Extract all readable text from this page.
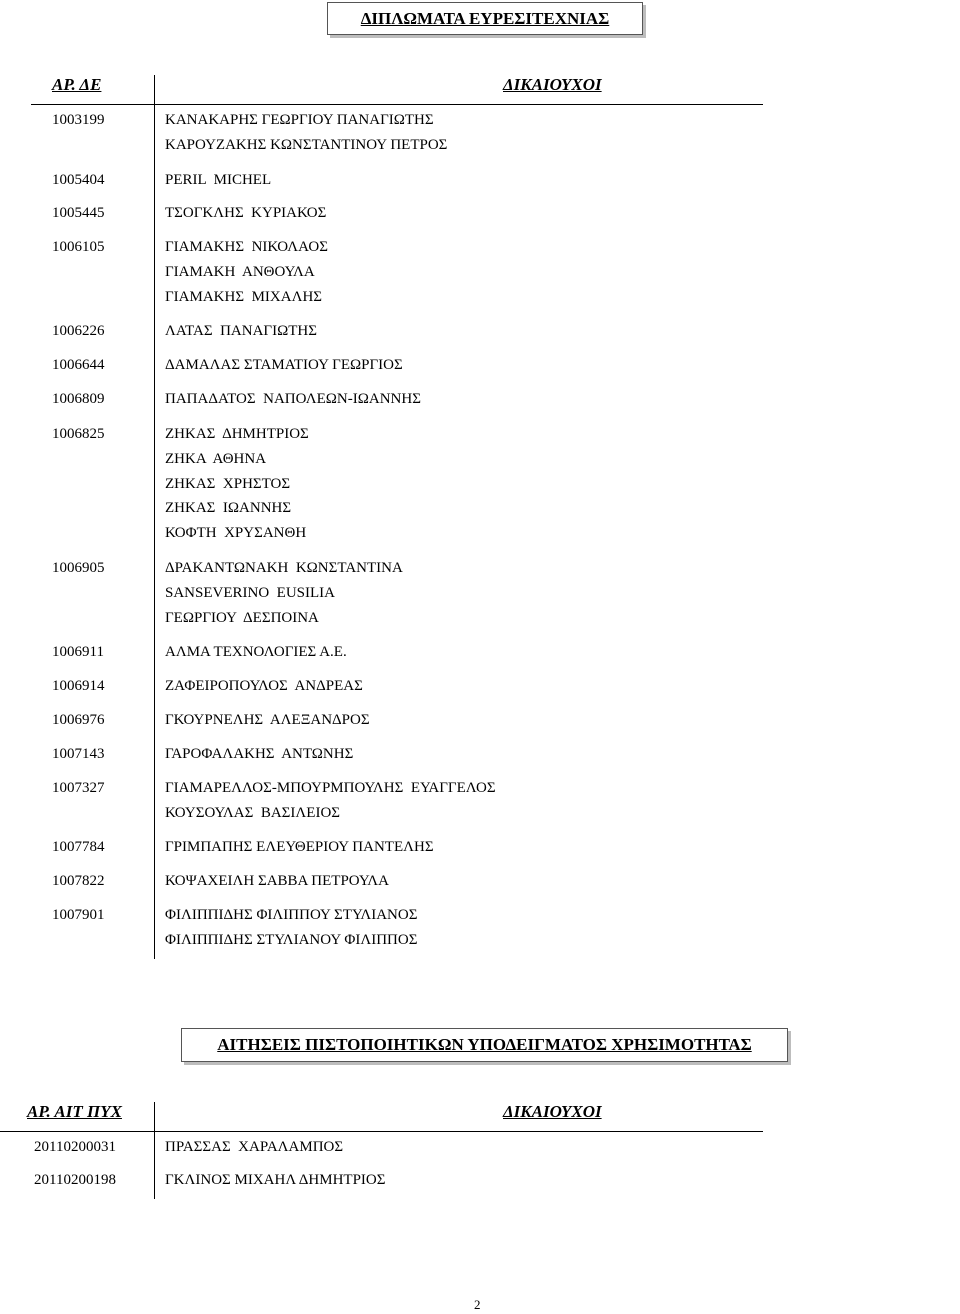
ΔΙΠΛΩΜΑΤΑ ΕΥΡΕΣΙΤΕΧΝΙΑΣ
ΑΡ. ΔΕ	ΔΙΚΑΙΟΥΧΟΙ
1003199	ΚΑΝΑΚΑΡΗΣ ΓΕΩΡΓΙΟΥ ΠΑΝΑΓΙΩΤΗΣ
ΚΑΡΟΥΖΑΚΗΣ ΚΩΝΣΤΑΝΤΙΝΟΥ ΠΕΤΡΟΣ
1005404	PERIL  MICHEL
1005445	ΤΣΟΓΚΛΗΣ  ΚΥΡΙΑΚΟΣ
1006105	ΓΙΑΜΑΚΗΣ  ΝΙΚΟΛΑΟΣ
ΓΙΑΜΑΚΗ  ΑΝΘΟΥΛΑ
ΓΙΑΜΑΚΗΣ  ΜΙΧΑΛΗΣ
1006226	ΛΑΤΑΣ  ΠΑΝΑΓΙΩΤΗΣ
1006644	ΔΑΜΑΛΑΣ ΣΤΑΜΑΤΙΟΥ ΓΕΩΡΓΙΟΣ
1006809	ΠΑΠΑΔΑΤΟΣ  ΝΑΠΟΛΕΩΝ-ΙΩΑΝΝΗΣ
1006825	ΖΗΚΑΣ  ΔΗΜΗΤΡΙΟΣ
ΖΗΚΑ  ΑΘΗΝΑ
ΖΗΚΑΣ  ΧΡΗΣΤΟΣ
ΖΗΚΑΣ  ΙΩΑΝΝΗΣ
ΚΟΦΤΗ  ΧΡΥΣΑΝΘΗ
1006905	ΔΡΑΚΑΝΤΩΝΑΚΗ  ΚΩΝΣΤΑΝΤΙΝΑ
SANSEVERINO  EUSILIA
ΓΕΩΡΓΙΟΥ  ΔΕΣΠΟΙΝΑ
1006911	ΑΛΜΑ ΤΕΧΝΟΛΟΓΙΕΣ Α.Ε.
1006914	ΖΑΦΕΙΡΟΠΟΥΛΟΣ  ΑΝΔΡΕΑΣ
1006976	ΓΚΟΥΡΝΕΛΗΣ  ΑΛΕΞΑΝΔΡΟΣ
1007143	ΓΑΡΟΦΑΛΑΚΗΣ  ΑΝΤΩΝΗΣ
1007327	ΓΙΑΜΑΡΕΛΛΟΣ-ΜΠΟΥΡΜΠΟΥΛΗΣ  ΕΥΑΓΓΕΛΟΣ
ΚΟΥΣΟΥΛΑΣ  ΒΑΣΙΛΕΙΟΣ
1007784	ΓΡΙΜΠΑΠΗΣ ΕΛΕΥΘΕΡΙΟΥ ΠΑΝΤΕΛΗΣ
1007822	ΚΟΨΑΧΕΙΛΗ ΣΑΒΒΑ ΠΕΤΡΟΥΛΑ
1007901	ΦΙΛΙΠΠΙΔΗΣ ΦΙΛΙΠΠΟΥ ΣΤΥΛΙΑΝΟΣ
ΦΙΛΙΠΠΙΔΗΣ ΣΤΥΛΙΑΝΟΥ ΦΙΛΙΠΠΟΣ
ΑΙΤΗΣΕΙΣ ΠΙΣΤΟΠΟΙΗΤΙΚΩΝ ΥΠΟΔΕΙΓΜΑΤΟΣ ΧΡΗΣΙΜΟΤΗΤΑΣ
ΑΡ. ΑΙΤ ΠΥΧ	ΔΙΚΑΙΟΥΧΟΙ
20110200031	ΠΡΑΣΣΑΣ  ΧΑΡΑΛΑΜΠΟΣ
20110200198	ΓΚΛΙΝΟΣ ΜΙΧΑΗΛ ΔΗΜΗΤΡΙΟΣ
2
